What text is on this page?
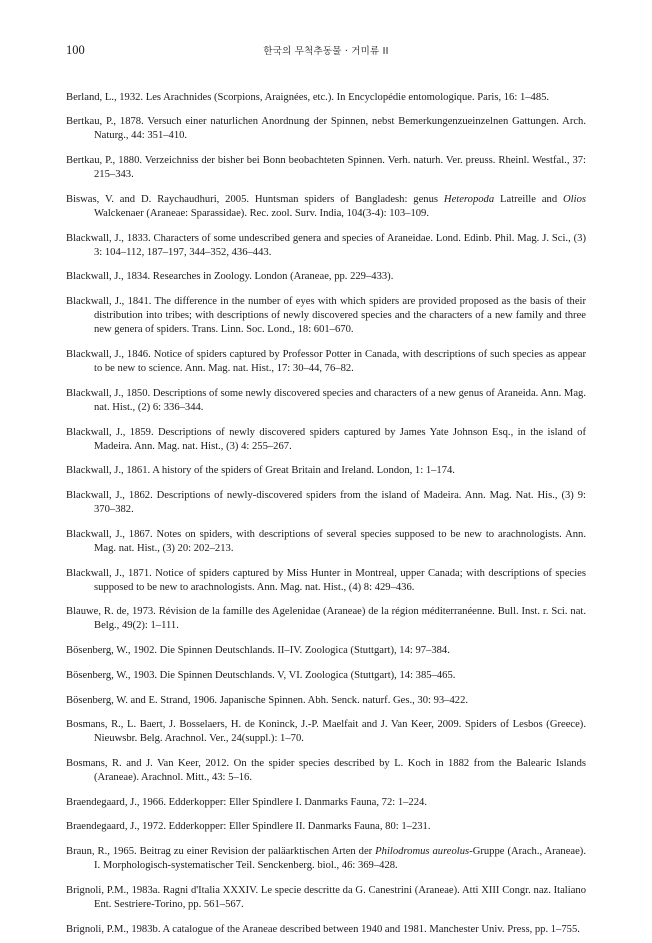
100	한국의 무척추동물 · 거미류 II

Berland, L., 1932. Les Arachnides (Scorpions, Araignées, etc.). In Encyclopédie entomologique. Paris, 16: 1–485.

Bertkau, P., 1878. Versuch einer naturlichen Anordnung der Spinnen, nebst Bemerkungenzueinzelnen Gattungen. Arch. Naturg., 44: 351–410.

Bertkau, P., 1880. Verzeichniss der bisher bei Bonn beobachteten Spinnen. Verh. naturh. Ver. preuss. Rheinl. Westfal., 37: 215–343.

Biswas, V. and D. Raychaudhuri, 2005. Huntsman spiders of Bangladesh: genus Heteropoda Latreille and Olios Walckenaer (Araneae: Sparassidae). Rec. zool. Surv. India, 104(3-4): 103–109.

Blackwall, J., 1833. Characters of some undescribed genera and species of Araneidae. Lond. Edinb. Phil. Mag. J. Sci., (3) 3: 104–112, 187–197, 344–352, 436–443.

Blackwall, J., 1834. Researches in Zoology. London (Araneae, pp. 229–433).

Blackwall, J., 1841. The difference in the number of eyes with which spiders are provided proposed as the basis of their distribution into tribes; with descriptions of newly discovered species and the characters of a new family and three new genera of spiders. Trans. Linn. Soc. Lond., 18: 601–670.

Blackwall, J., 1846. Notice of spiders captured by Professor Potter in Canada, with descriptions of such species as appear to be new to science. Ann. Mag. nat. Hist., 17: 30–44, 76–82.

Blackwall, J., 1850. Descriptions of some newly discovered species and characters of a new genus of Araneida. Ann. Mag. nat. Hist., (2) 6: 336–344.

Blackwall, J., 1859. Descriptions of newly discovered spiders captured by James Yate Johnson Esq., in the island of Madeira. Ann. Mag. nat. Hist., (3) 4: 255–267.

Blackwall, J., 1861. A history of the spiders of Great Britain and Ireland. London, 1: 1–174.

Blackwall, J., 1862. Descriptions of newly-discovered spiders from the island of Madeira. Ann. Mag. Nat. His., (3) 9: 370–382.

Blackwall, J., 1867. Notes on spiders, with descriptions of several species supposed to be new to arachnologists. Ann. Mag. nat. Hist., (3) 20: 202–213.

Blackwall, J., 1871. Notice of spiders captured by Miss Hunter in Montreal, upper Canada; with descriptions of species supposed to be new to arachnologists. Ann. Mag. nat. Hist., (4) 8: 429–436.

Blauwe, R. de, 1973. Révision de la famille des Agelenidae (Araneae) de la région méditerranéenne. Bull. Inst. r. Sci. nat. Belg., 49(2): 1–111.

Bösenberg, W., 1902. Die Spinnen Deutschlands. II–IV. Zoologica (Stuttgart), 14: 97–384.

Bösenberg, W., 1903. Die Spinnen Deutschlands. V, VI. Zoologica (Stuttgart), 14: 385–465.

Bösenberg, W. and E. Strand, 1906. Japanische Spinnen. Abh. Senck. naturf. Ges., 30: 93–422.

Bosmans, R., L. Baert, J. Bosselaers, H. de Koninck, J.-P. Maelfait and J. Van Keer, 2009. Spiders of Lesbos (Greece). Nieuwsbr. Belg. Arachnol. Ver., 24(suppl.): 1–70.

Bosmans, R. and J. Van Keer, 2012. On the spider species described by L. Koch in 1882 from the Balearic Islands (Araneae). Arachnol. Mitt., 43: 5–16.

Braendegaard, J., 1966. Edderkopper: Eller Spindlere I. Danmarks Fauna, 72: 1–224.

Braendegaard, J., 1972. Edderkopper: Eller Spindlere II. Danmarks Fauna, 80: 1–231.

Braun, R., 1965. Beitrag zu einer Revision der paläarktischen Arten der Philodromus aureolus-Gruppe (Arach., Araneae). I. Morphologisch-systematischer Teil. Senckenberg. biol., 46: 369–428.

Brignoli, P.M., 1983a. Ragni d'Italia XXXIV. Le specie descritte da G. Canestrini (Araneae). Atti XIII Congr. naz. Italiano Ent. Sestriere-Torino, pp. 561–567.

Brignoli, P.M., 1983b. A catalogue of the Araneae described between 1940 and 1981. Manchester Univ. Press, pp. 1–755.
